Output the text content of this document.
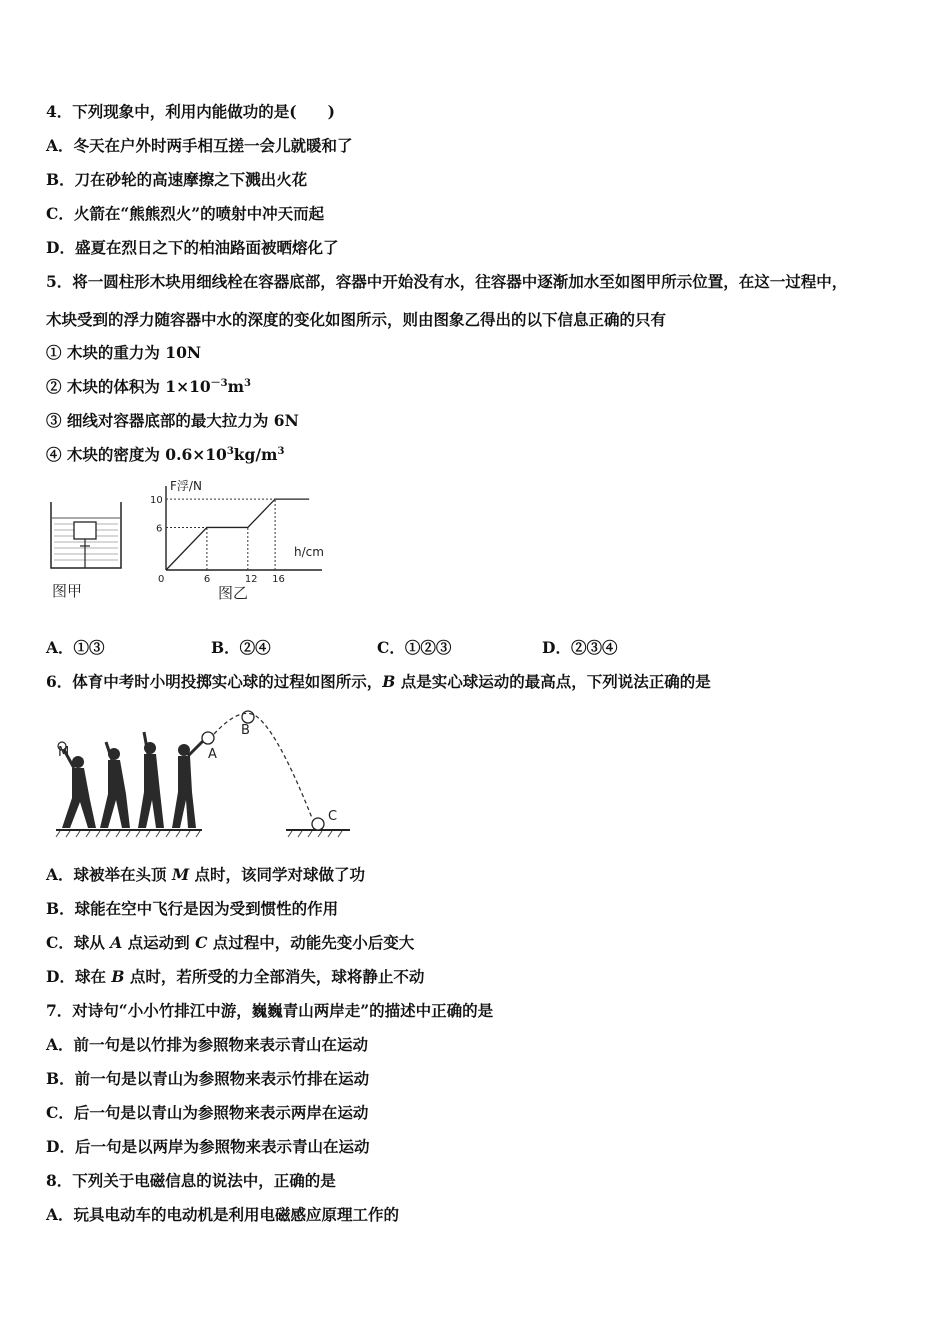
4．下列现象中，利用内能做功的是(　　)
A．冬天在户外时两手相互搓一会儿就暖和了
B．刀在砂轮的高速摩擦之下溅出火花
C．火箭在“熊熊烈火”的喷射中冲天而起
D．盛夏在烈日之下的柏油路面被晒熔化了
5．将一圆柱形木块用细线栓在容器底部，容器中开始没有水，往容器中逐渐加水至如图甲所示位置，在这一过程中，
木块受到的浮力随容器中水的深度的变化如图所示，则由图象乙得出的以下信息正确的只有
① 木块的重力为 10N
② 木块的体积为 $1\times 10^{-3}m^3$
③ 细线对容器底部的最大拉力为 6N
④ 木块的密度为 $0.6\times 10^3kg/m^3$
图甲
0	6	12 16
6
10
F浮/N
h/cm
图乙
A．①③	B．②④	C．①②③	D．②③④
6．体育中考时小明投掷实心球的过程如图所示，B 点是实心球运动的最高点，下列说法正确的是
M	A
B
C
A．球被举在头顶 M 点时，该同学对球做了功
B．球能在空中飞行是因为受到惯性的作用
C．球从 A 点运动到 C 点过程中，动能先变小后变大
D．球在 B 点时，若所受的力全部消失，球将静止不动
7．对诗句“小小竹排江中游，巍巍青山两岸走”的描述中正确的是
A．前一句是以竹排为参照物来表示青山在运动
B．前一句是以青山为参照物来表示竹排在运动
C．后一句是以青山为参照物来表示两岸在运动
D．后一句是以两岸为参照物来表示青山在运动
8．下列关于电磁信息的说法中，正确的是
A．玩具电动车的电动机是利用电磁感应原理工作的
